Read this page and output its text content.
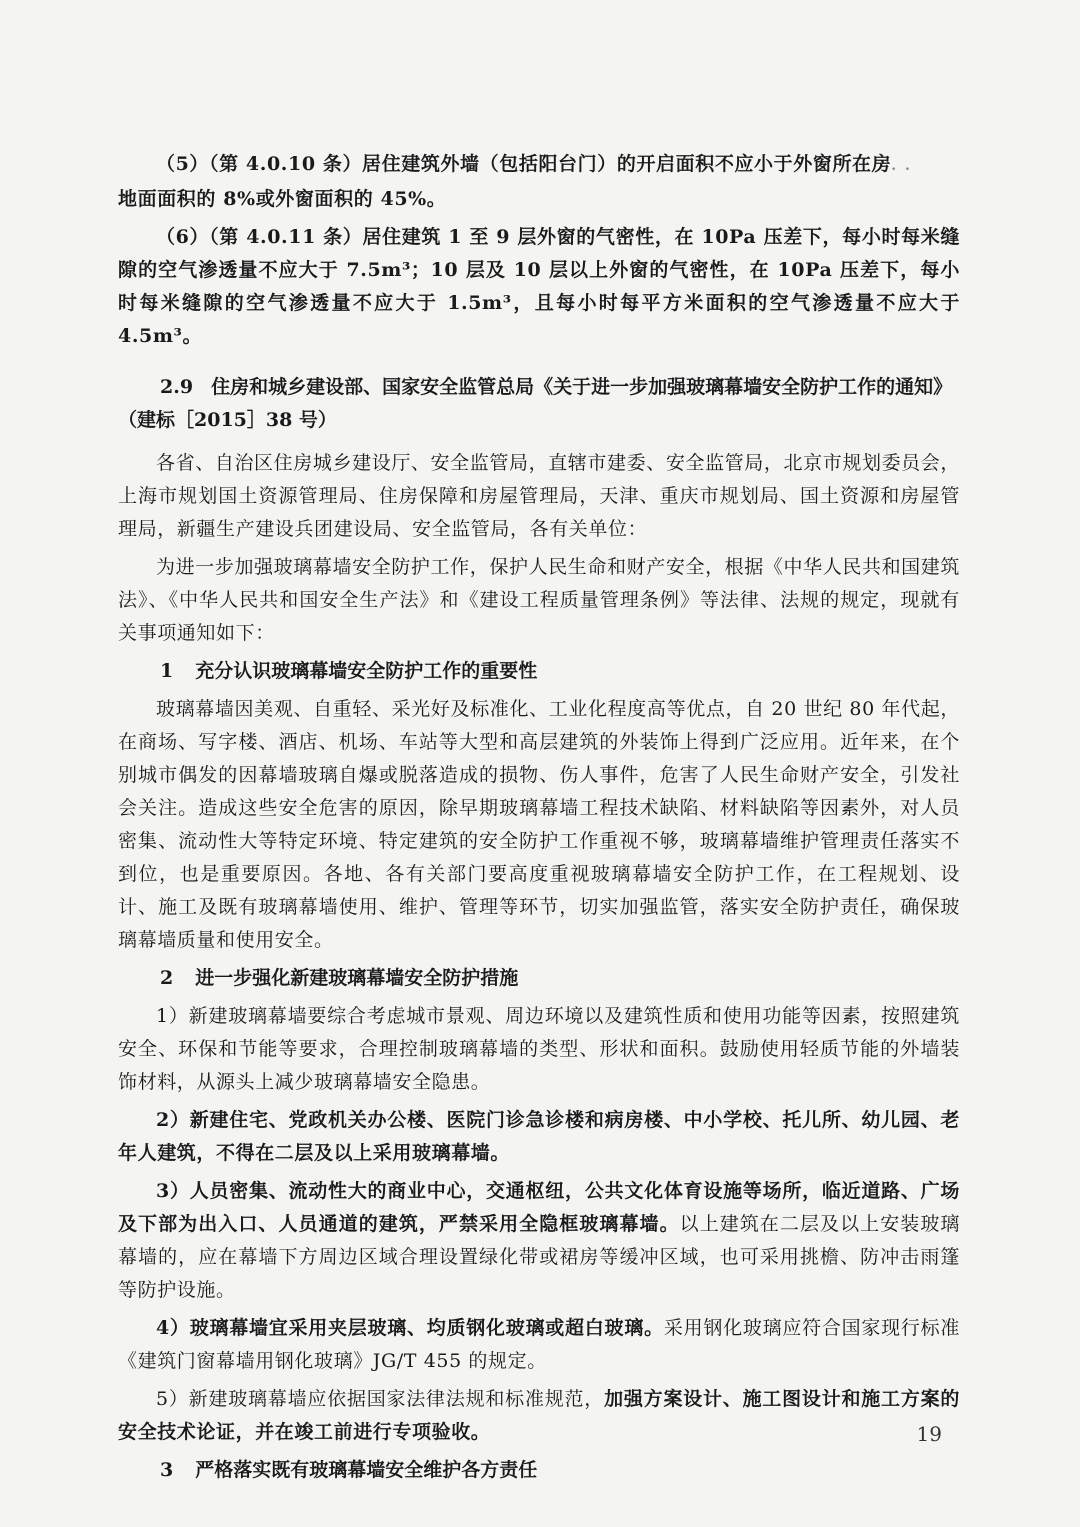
（5）（第 4.0.10 条）居住建筑外墙（包括阳台门）的开启面积不应小于外窗所在房. .
地面面积的 8%或外窗面积的 45%。

（6）（第 4.0.11 条）居住建筑 1 至 9 层外窗的气密性，在 10Pa 压差下，每小时每米缝隙的空气渗透量不应大于 7.5m³；10 层及 10 层以上外窗的气密性，在 10Pa 压差下，每小时每米缝隙的空气渗透量不应大于 1.5m³，且每小时每平方米面积的空气渗透量不应大于 4.5m³。

2.9 住房和城乡建设部、国家安全监管总局《关于进一步加强玻璃幕墙安全防护工作的通知》（建标［2015］38 号）

各省、自治区住房城乡建设厅、安全监管局，直辖市建委、安全监管局，北京市规划委员会，上海市规划国土资源管理局、住房保障和房屋管理局，天津、重庆市规划局、国土资源和房屋管理局，新疆生产建设兵团建设局、安全监管局，各有关单位：

为进一步加强玻璃幕墙安全防护工作，保护人民生命和财产安全，根据《中华人民共和国建筑法》、《中华人民共和国安全生产法》和《建设工程质量管理条例》等法律、法规的规定，现就有关事项通知如下：

1 充分认识玻璃幕墙安全防护工作的重要性

玻璃幕墙因美观、自重轻、采光好及标准化、工业化程度高等优点，自 20 世纪 80 年代起，在商场、写字楼、酒店、机场、车站等大型和高层建筑的外装饰上得到广泛应用。近年来，在个别城市偶发的因幕墙玻璃自爆或脱落造成的损物、伤人事件，危害了人民生命财产安全，引发社会关注。造成这些安全危害的原因，除早期玻璃幕墙工程技术缺陷、材料缺陷等因素外，对人员密集、流动性大等特定环境、特定建筑的安全防护工作重视不够，玻璃幕墙维护管理责任落实不到位，也是重要原因。各地、各有关部门要高度重视玻璃幕墙安全防护工作，在工程规划、设计、施工及既有玻璃幕墙使用、维护、管理等环节，切实加强监管，落实安全防护责任，确保玻璃幕墙质量和使用安全。

2 进一步强化新建玻璃幕墙安全防护措施

1）新建玻璃幕墙要综合考虑城市景观、周边环境以及建筑性质和使用功能等因素，按照建筑安全、环保和节能等要求，合理控制玻璃幕墙的类型、形状和面积。鼓励使用轻质节能的外墙装饰材料，从源头上减少玻璃幕墙安全隐患。

2）新建住宅、党政机关办公楼、医院门诊急诊楼和病房楼、中小学校、托儿所、幼儿园、老年人建筑，不得在二层及以上采用玻璃幕墙。

3）人员密集、流动性大的商业中心，交通枢纽，公共文化体育设施等场所，临近道路、广场及下部为出入口、人员通道的建筑，严禁采用全隐框玻璃幕墙。以上建筑在二层及以上安装玻璃幕墙的，应在幕墙下方周边区域合理设置绿化带或裙房等缓冲区域，也可采用挑檐、防冲击雨篷等防护设施。

4）玻璃幕墙宜采用夹层玻璃、均质钢化玻璃或超白玻璃。采用钢化玻璃应符合国家现行标准《建筑门窗幕墙用钢化玻璃》JG/T 455 的规定。

5）新建玻璃幕墙应依据国家法律法规和标准规范，加强方案设计、施工图设计和施工方案的安全技术论证，并在竣工前进行专项验收。

3 严格落实既有玻璃幕墙安全维护各方责任
19
